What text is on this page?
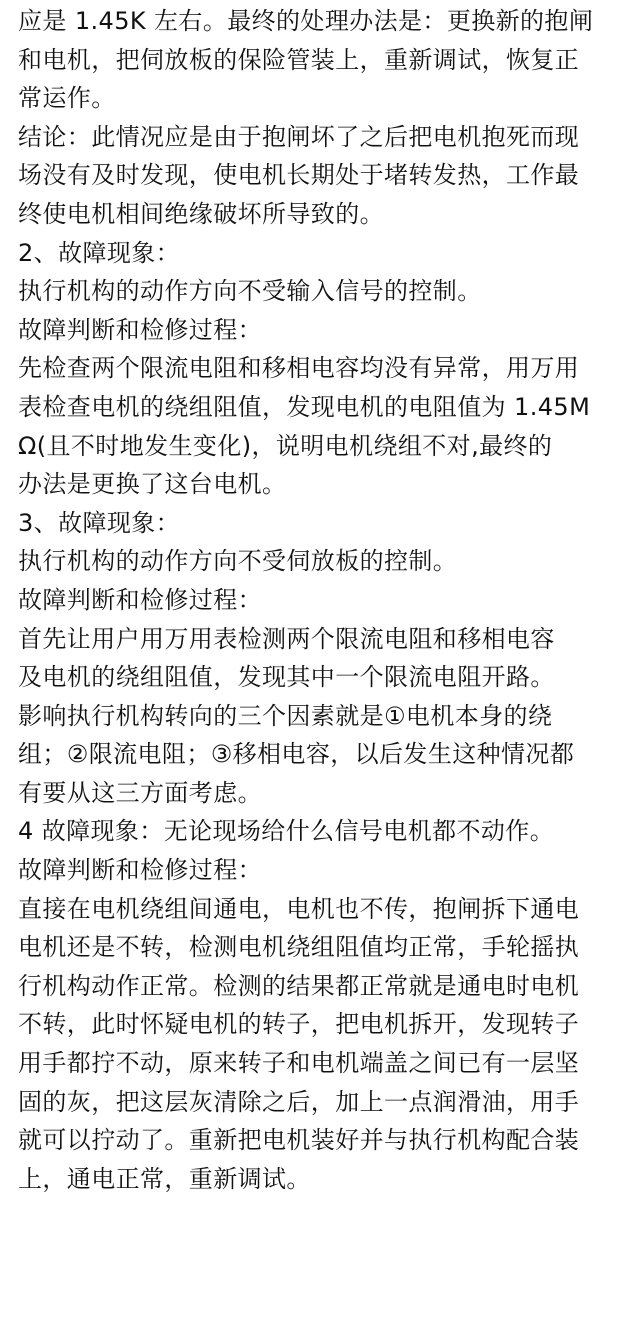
应是 1.45K 左右。最终的处理办法是：更换新的抱闸
和电机，把伺放板的保险管装上，重新调试，恢复正
常运作。
结论：此情况应是由于抱闸坏了之后把电机抱死而现
场没有及时发现，使电机长期处于堵转发热，工作最
终使电机相间绝缘破坏所导致的。
2、故障现象：
执行机构的动作方向不受输入信号的控制。
故障判断和检修过程：
先检查两个限流电阻和移相电容均没有异常，用万用
表检查电机的绕组阻值，发现电机的电阻值为 1.45M
Ω(且不时地发生变化)，说明电机绕组不对,最终的
办法是更换了这台电机。
3、故障现象：
执行机构的动作方向不受伺放板的控制。
故障判断和检修过程：
首先让用户用万用表检测两个限流电阻和移相电容
及电机的绕组阻值，发现其中一个限流电阻开路。
影响执行机构转向的三个因素就是①电机本身的绕
组；②限流电阻；③移相电容，以后发生这种情况都
有要从这三方面考虑。
4 故障现象：无论现场给什么信号电机都不动作。
故障判断和检修过程：
直接在电机绕组间通电，电机也不传，抱闸拆下通电
电机还是不转，检测电机绕组阻值均正常，手轮摇执
行机构动作正常。检测的结果都正常就是通电时电机
不转，此时怀疑电机的转子，把电机拆开，发现转子
用手都拧不动，原来转子和电机端盖之间已有一层坚
固的灰，把这层灰清除之后，加上一点润滑油，用手
就可以拧动了。重新把电机装好并与执行机构配合装
上，通电正常，重新调试。
